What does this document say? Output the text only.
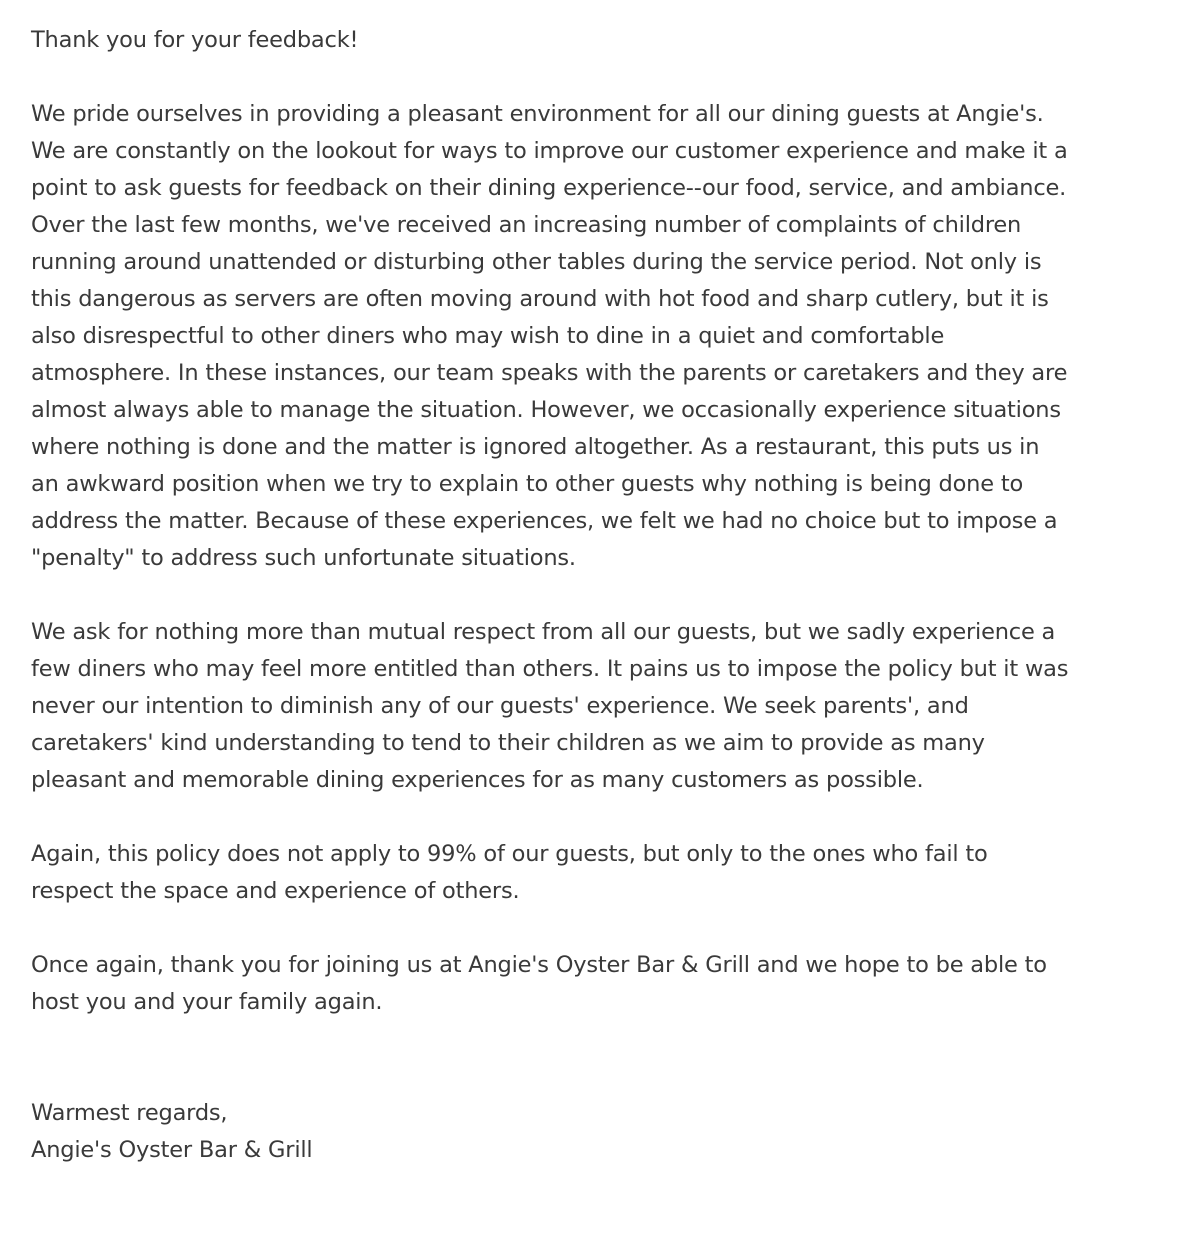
Thank you for your feedback!

We pride ourselves in providing a pleasant environment for all our dining guests at Angie's. We are constantly on the lookout for ways to improve our customer experience and make it a point to ask guests for feedback on their dining experience--our food, service, and ambiance. Over the last few months, we've received an increasing number of complaints of children running around unattended or disturbing other tables during the service period. Not only is this dangerous as servers are often moving around with hot food and sharp cutlery, but it is also disrespectful to other diners who may wish to dine in a quiet and comfortable atmosphere. In these instances, our team speaks with the parents or caretakers and they are almost always able to manage the situation. However, we occasionally experience situations where nothing is done and the matter is ignored altogether. As a restaurant, this puts us in an awkward position when we try to explain to other guests why nothing is being done to address the matter. Because of these experiences, we felt we had no choice but to impose a "penalty" to address such unfortunate situations.

We ask for nothing more than mutual respect from all our guests, but we sadly experience a few diners who may feel more entitled than others. It pains us to impose the policy but it was never our intention to diminish any of our guests' experience. We seek parents', and caretakers' kind understanding to tend to their children as we aim to provide as many pleasant and memorable dining experiences for as many customers as possible.

Again, this policy does not apply to 99% of our guests, but only to the ones who fail to respect the space and experience of others.

Once again, thank you for joining us at Angie's Oyster Bar & Grill and we hope to be able to host you and your family again.

Warmest regards,

Angie's Oyster Bar & Grill
